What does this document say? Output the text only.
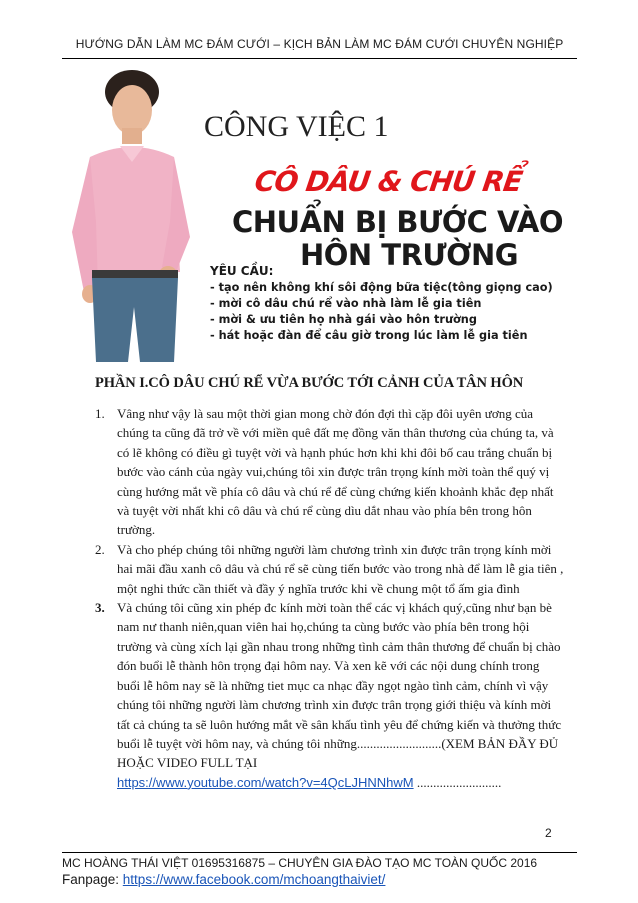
HƯỚNG DẪN LÀM MC ĐÁM CƯỚI – KỊCH BẢN LÀM MC ĐÁM CƯỚI CHUYÊN NGHIỆP
CÔNG VIỆC 1
CÔ DÂU & CHÚ RỂ
CHUẨN BỊ BƯỚC VÀO
HÔN TRƯỜNG
YÊU CẦU:
- tạo nên không khí sôi động bữa tiệc(tông giọng cao)
- mời cô dâu chú rể vào nhà làm lễ gia tiên
- mời & ưu tiên họ nhà gái vào hôn trường
- hát hoặc đàn để câu giờ trong lúc làm lễ gia tiên
PHẦN I.CÔ DÂU CHÚ RỂ VỪA BƯỚC TỚI CẢNH CỦA TÂN HÔN
1. Vâng như vậy là sau một thời gian mong chờ đón đợi thì cặp đôi uyên ương của chúng ta cũng đã trở về với miền quê đất mẹ đồng văn thân thương của chúng ta, và có lẽ không có điều gì tuyệt vời và hạnh phúc hơn khi khi đôi bố cau trắng chuẩn bị bước vào cánh của ngày vui,chúng tôi xin được trân trọng kính mời toàn thể quý vị cùng hướng mắt về phía cô dâu và chú rể để cùng chứng kiến khoảnh khắc đẹp nhất và tuyệt vời nhất khi cô dâu và chú rể cùng dìu dắt nhau vào phía bên trong hôn trường.
2. Và cho phép chúng tôi những người làm chương trình xin được trân trọng kính mời hai mãi đầu xanh cô dâu và chú rể sẽ cùng tiến bước vào trong nhà để làm lễ gia tiên , một nghi thức cần thiết và đầy ý nghĩa trước khi về chung một tổ ấm gia đình
3. Và chúng tôi cũng xin phép đc kính mời toàn thể các vị khách quý,cũng như bạn bè nam nư thanh niên,quan viên hai họ,chúng ta cùng bước vào phía bên trong hội trường và cùng xích lại gần nhau trong những tình cảm thân thương để chuẩn bị chào đón buổi lễ thành hôn trọng đại hôm nay. Và xen kẽ với các nội dung chính trong buổi lễ hôm nay sẽ là những tiet mục ca nhạc đầy ngọt ngào tình cảm, chính vì vậy chúng tôi những người làm chương trình xin được trân trọng giới thiệu và kính mời tất cả chúng ta sẽ luôn hướng mắt về sân khấu tình yêu để chứng kiến và thưởng thức buổi lễ tuyệt vời hôm nay, và chúng tôi những..........................(XEM BẢN ĐẦY ĐỦ HOẶC VIDEO FULL TẠI
https://www.youtube.com/watch?v=4QcLJHNNhwM ..........................
2
MC HOÀNG THÁI VIỆT 01695316875 – CHUYÊN GIA ĐÀO TẠO MC TOÀN QUỐC 2016
Fanpage: https://www.facebook.com/mchoangthaiviet/
